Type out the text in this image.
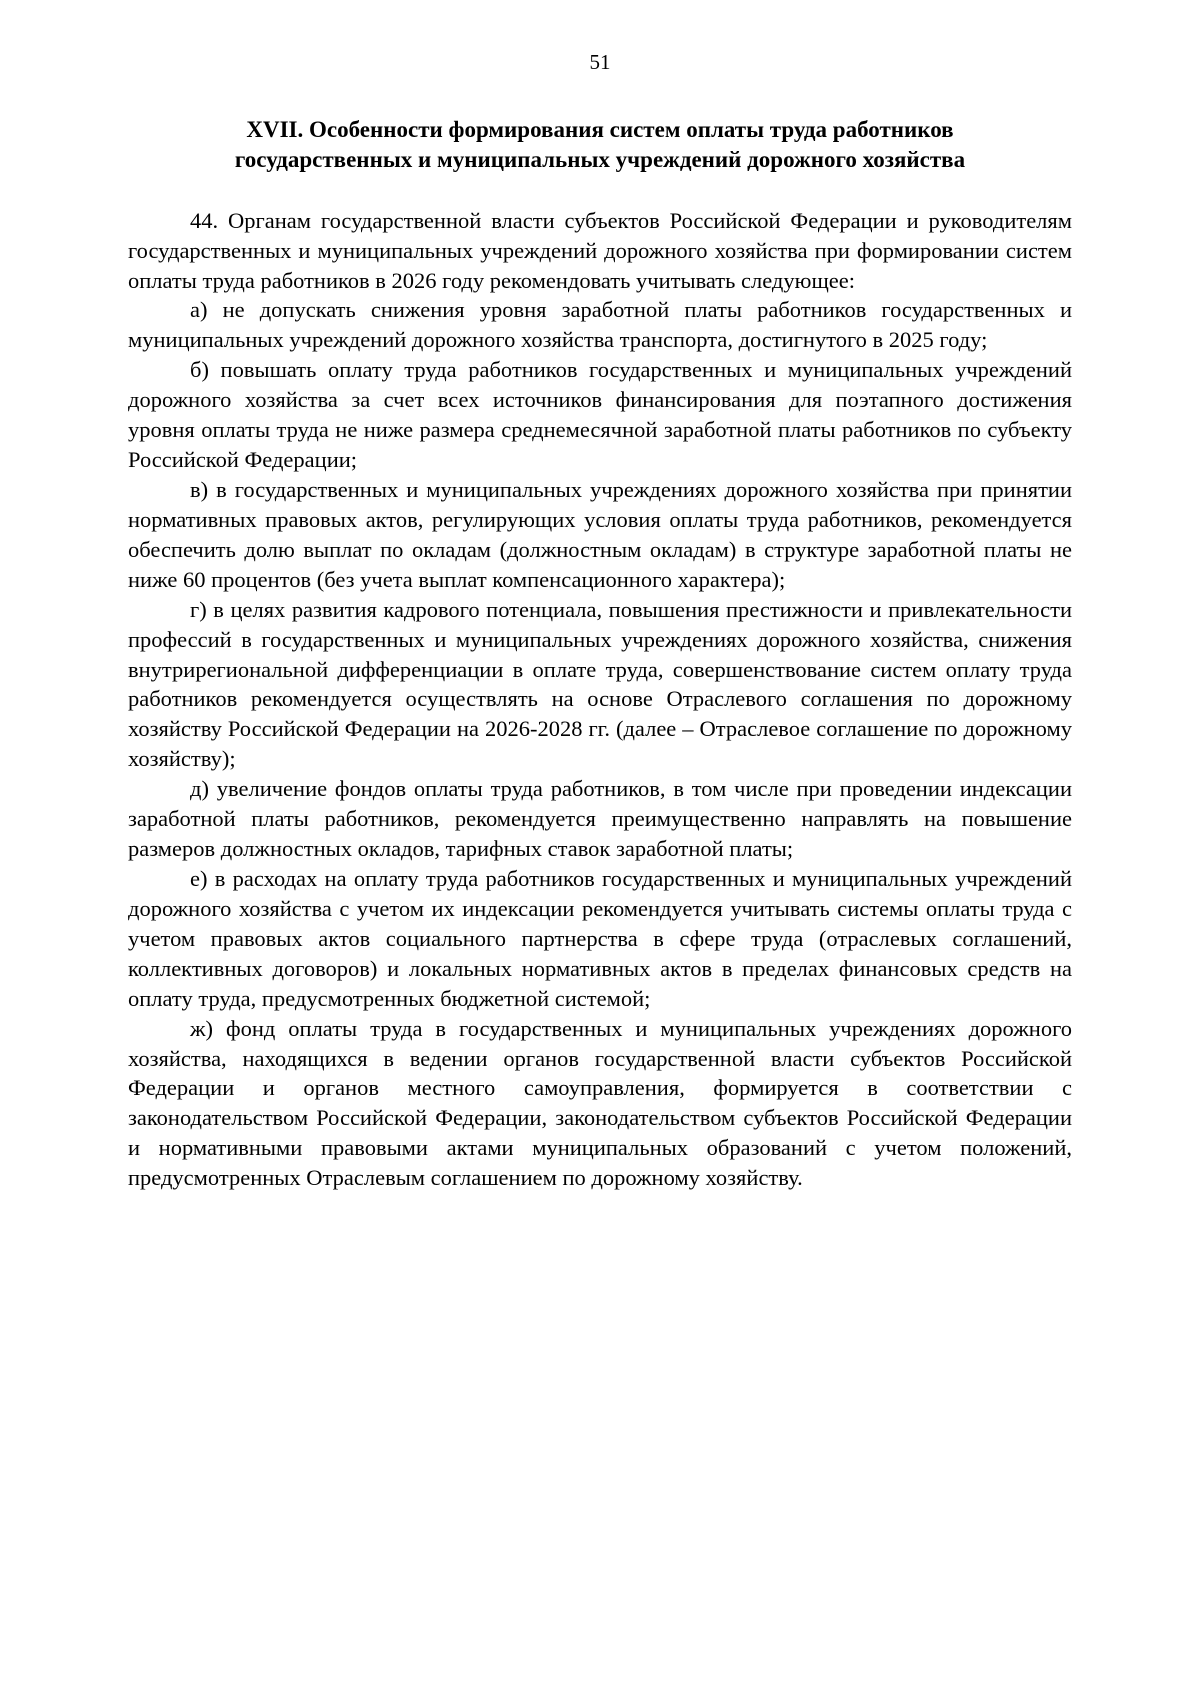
51
XVII. Особенности формирования систем оплаты труда работников
государственных и муниципальных учреждений дорожного хозяйства

44. Органам государственной власти субъектов Российской Федерации и руководителям государственных и муниципальных учреждений дорожного хозяйства при формировании систем оплаты труда работников в 2026 году рекомендовать учитывать следующее:

а) не допускать снижения уровня заработной платы работников государственных и муниципальных учреждений дорожного хозяйства транспорта, достигнутого в 2025 году;

б) повышать оплату труда работников государственных и муниципальных учреждений дорожного хозяйства за счет всех источников финансирования для поэтапного достижения уровня оплаты труда не ниже размера среднемесячной заработной платы работников по субъекту Российской Федерации;

в) в государственных и муниципальных учреждениях дорожного хозяйства при принятии нормативных правовых актов, регулирующих условия оплаты труда работников, рекомендуется обеспечить долю выплат по окладам (должностным окладам) в структуре заработной платы не ниже 60 процентов (без учета выплат компенсационного характера);

г) в целях развития кадрового потенциала, повышения престижности и привлекательности профессий в государственных и муниципальных учреждениях дорожного хозяйства, снижения внутрирегиональной дифференциации в оплате труда, совершенствование систем оплату труда работников рекомендуется осуществлять на основе Отраслевого соглашения по дорожному хозяйству Российской Федерации на 2026-2028 гг. (далее – Отраслевое соглашение по дорожному хозяйству);

д) увеличение фондов оплаты труда работников, в том числе при проведении индексации заработной платы работников, рекомендуется преимущественно направлять на повышение размеров должностных окладов, тарифных ставок заработной платы;

е) в расходах на оплату труда работников государственных и муниципальных учреждений дорожного хозяйства с учетом их индексации рекомендуется учитывать системы оплаты труда с учетом правовых актов социального партнерства в сфере труда (отраслевых соглашений, коллективных договоров) и локальных нормативных актов в пределах финансовых средств на оплату труда, предусмотренных бюджетной системой;

ж) фонд оплаты труда в государственных и муниципальных учреждениях дорожного хозяйства, находящихся в ведении органов государственной власти субъектов Российской Федерации и органов местного самоуправления, формируется в соответствии с законодательством Российской Федерации, законодательством субъектов Российской Федерации и нормативными правовыми актами муниципальных образований с учетом положений, предусмотренных Отраслевым соглашением по дорожному хозяйству.
